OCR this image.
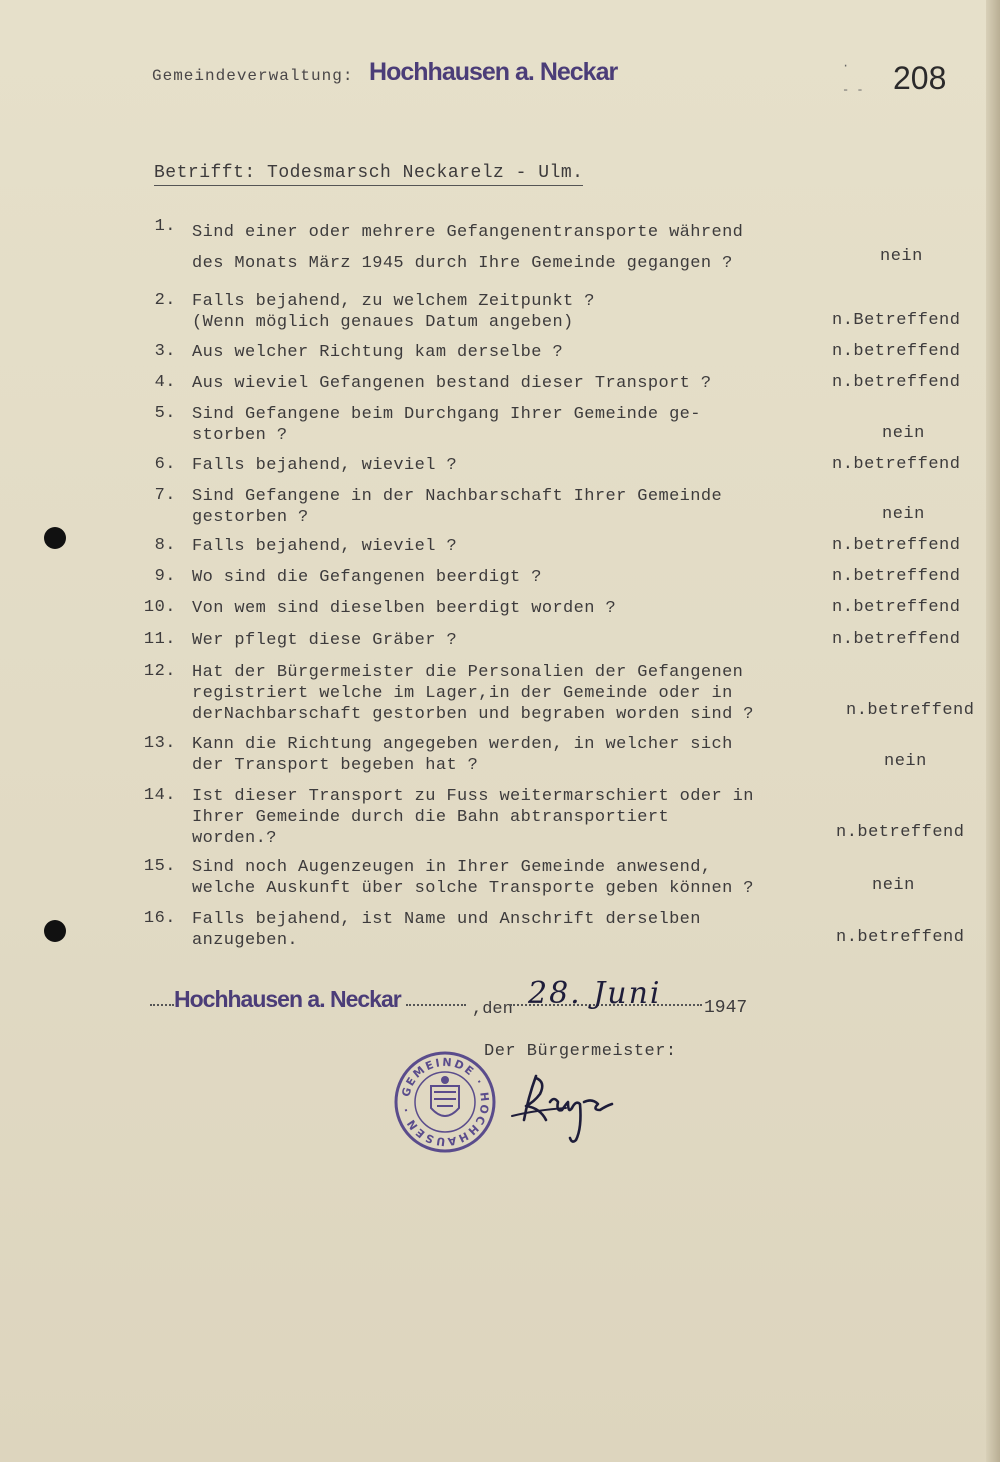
Gemeindeverwaltung: Hochhausen a. Neckar	·
- - 208
Betrifft: Todesmarsch Neckarelz - Ulm.
1. Sind einer oder mehrere Gefangenentransporte während
des Monats März 1945 durch Ihre Gemeinde gegangen ?	nein
2. Falls bejahend, zu welchem Zeitpunkt ?
(Wenn möglich genaues Datum angeben)	n.Betreffend
3. Aus welcher Richtung kam derselbe ?	n.betreffend
4. Aus wieviel Gefangenen bestand dieser Transport ?	n.betreffend
5. Sind Gefangene beim Durchgang Ihrer Gemeinde ge-
storben ?	nein
6. Falls bejahend, wieviel ?	n.betreffend
7. Sind Gefangene in der Nachbarschaft Ihrer Gemeinde
gestorben ?	nein
8. Falls bejahend, wieviel ?	n.betreffend
9. Wo sind die Gefangenen beerdigt ?	n.betreffend
10. Von wem sind dieselben beerdigt worden ?	n.betreffend
11. Wer pflegt diese Gräber ?	n.betreffend
12. Hat der Bürgermeister die Personalien der Gefangenen
registriert welche im Lager,in der Gemeinde oder in
derNachbarschaft gestorben und begraben worden sind ?	n.betreffend
13. Kann die Richtung angegeben werden, in welcher sich
der Transport begeben hat ?	nein
14. Ist dieser Transport zu Fuss weitermarschiert oder in
Ihrer Gemeinde durch die Bahn abtransportiert
worden.?	n.betreffend
15. Sind noch Augenzeugen in Ihrer Gemeinde anwesend,
welche Auskunft über solche Transporte geben können ?	nein
16. Falls bejahend, ist Name und Anschrift derselben
anzugeben.	n.betreffend
Hochhausen a. Neckar	,den 28. Juni 1947
Der Bürgermeister:
GEMEINDE · HOCHHAUSEN ·
